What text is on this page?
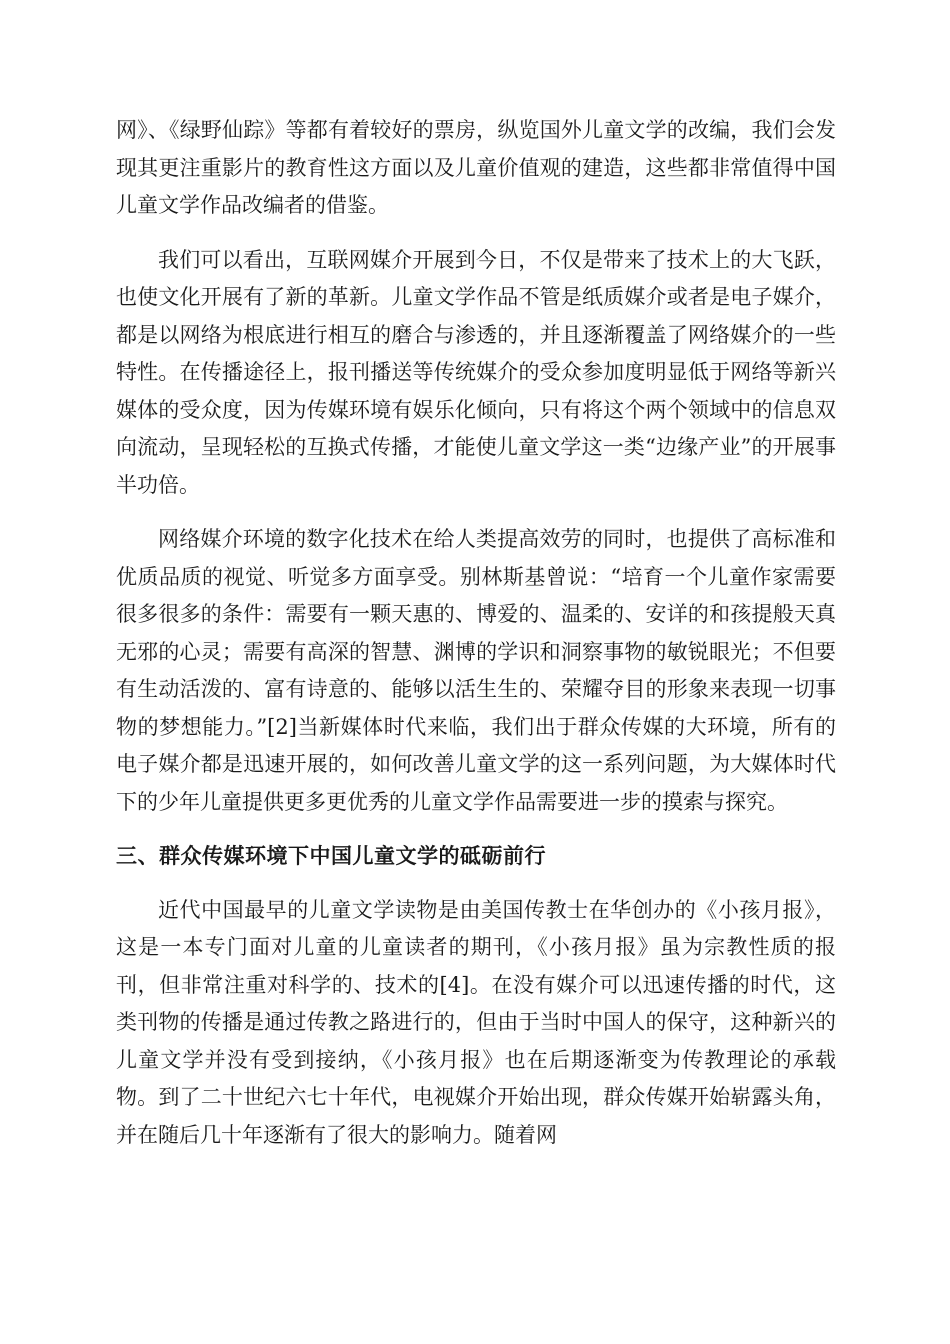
网》、《绿野仙踪》等都有着较好的票房，纵览国外儿童文学的改编，我们会发现其更注重影片的教育性这方面以及儿童价值观的建造，这些都非常值得中国儿童文学作品改编者的借鉴。

我们可以看出，互联网媒介开展到今日，不仅是带来了技术上的大飞跃，也使文化开展有了新的革新。儿童文学作品不管是纸质媒介或者是电子媒介，都是以网络为根底进行相互的磨合与渗透的，并且逐渐覆盖了网络媒介的一些特性。在传播途径上，报刊播送等传统媒介的受众参加度明显低于网络等新兴媒体的受众度，因为传媒环境有娱乐化倾向，只有将这个两个领域中的信息双向流动，呈现轻松的互换式传播，才能使儿童文学这一类“边缘产业”的开展事半功倍。

网络媒介环境的数字化技术在给人类提高效劳的同时，也提供了高标准和优质品质的视觉、听觉多方面享受。别林斯基曾说：“培育一个儿童作家需要很多很多的条件：需要有一颗天惠的、博爱的、温柔的、安详的和孩提般天真无邪的心灵；需要有高深的智慧、渊博的学识和洞察事物的敏锐眼光；不但要有生动活泼的、富有诗意的、能够以活生生的、荣耀夺目的形象来表现一切事物的梦想能力。”[2]当新媒体时代来临，我们出于群众传媒的大环境，所有的电子媒介都是迅速开展的，如何改善儿童文学的这一系列问题，为大媒体时代下的少年儿童提供更多更优秀的儿童文学作品需要进一步的摸索与探究。

三、群众传媒环境下中国儿童文学的砥砺前行

近代中国最早的儿童文学读物是由美国传教士在华创办的《小孩月报》，这是一本专门面对儿童的儿童读者的期刊，《小孩月报》虽为宗教性质的报刊，但非常注重对科学的、技术的[4]。在没有媒介可以迅速传播的时代，这类刊物的传播是通过传教之路进行的，但由于当时中国人的保守，这种新兴的儿童文学并没有受到接纳，《小孩月报》也在后期逐渐变为传教理论的承载物。到了二十世纪六七十年代，电视媒介开始出现，群众传媒开始崭露头角，并在随后几十年逐渐有了很大的影响力。随着网
